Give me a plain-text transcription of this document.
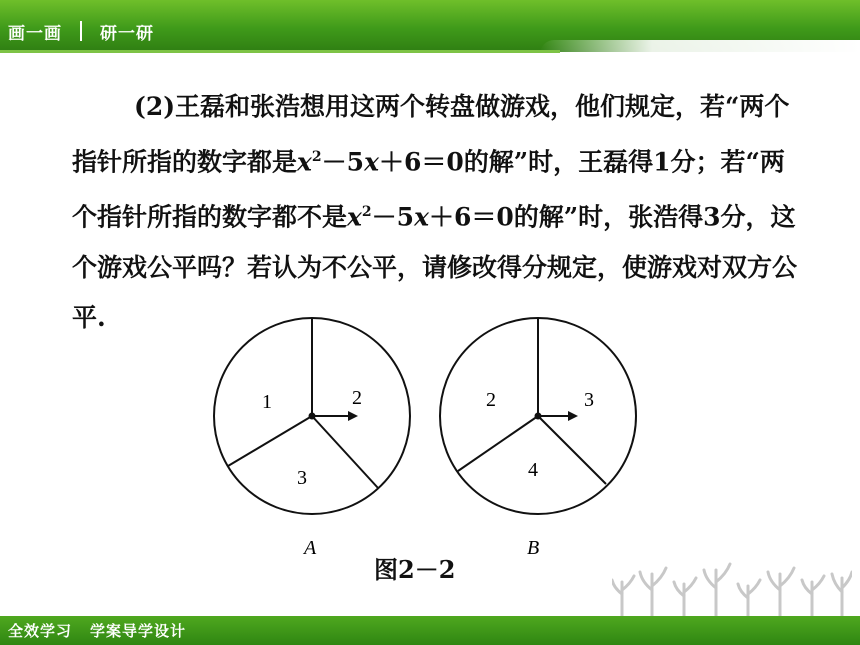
画一画 研一研

(2)王磊和张浩想用这两个转盘做游戏，他们规定，若“两个指针所指的数字都是$x^2-5x+6=0$的解”时，王磊得1分；若“两个指针所指的数字都不是$x^2-5x+6=0$的解”时，张浩得3分，这个游戏公平吗？若认为不公平，请修改得分规定，使游戏对双方公平.

1	2
3
A
2	3
4
B
图2－2
全效学习 学案导学设计
